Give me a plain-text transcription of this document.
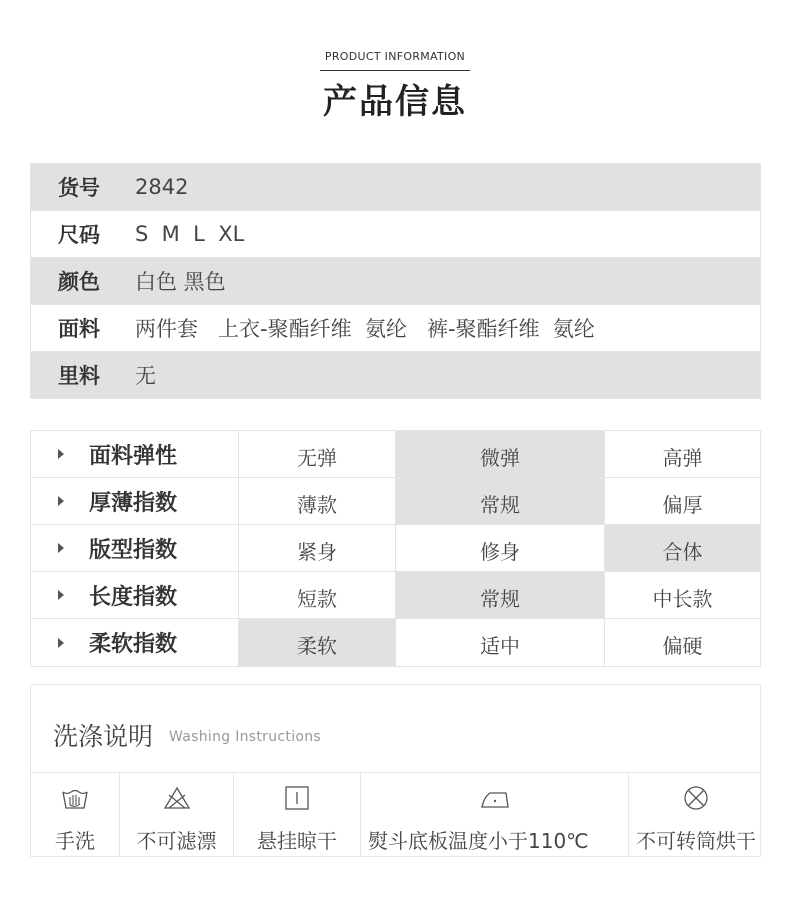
PRODUCT INFORMATION
产品信息
货号	2842
尺码	S  M  L  XL
颜色	白色 黑色
面料	两件套   上衣-聚酯纤维  氨纶   裤-聚酯纤维  氨纶
里料	无
面料弹性	无弹	微弹	高弹
厚薄指数	薄款	常规	偏厚
版型指数	紧身	修身	合体
长度指数	短款	常规	中长款
柔软指数	柔软	适中	偏硬
洗涤说明 Washing Instructions
手洗	不可滤漂	悬挂晾干	熨斗底板温度小于110℃	不可转筒烘干
